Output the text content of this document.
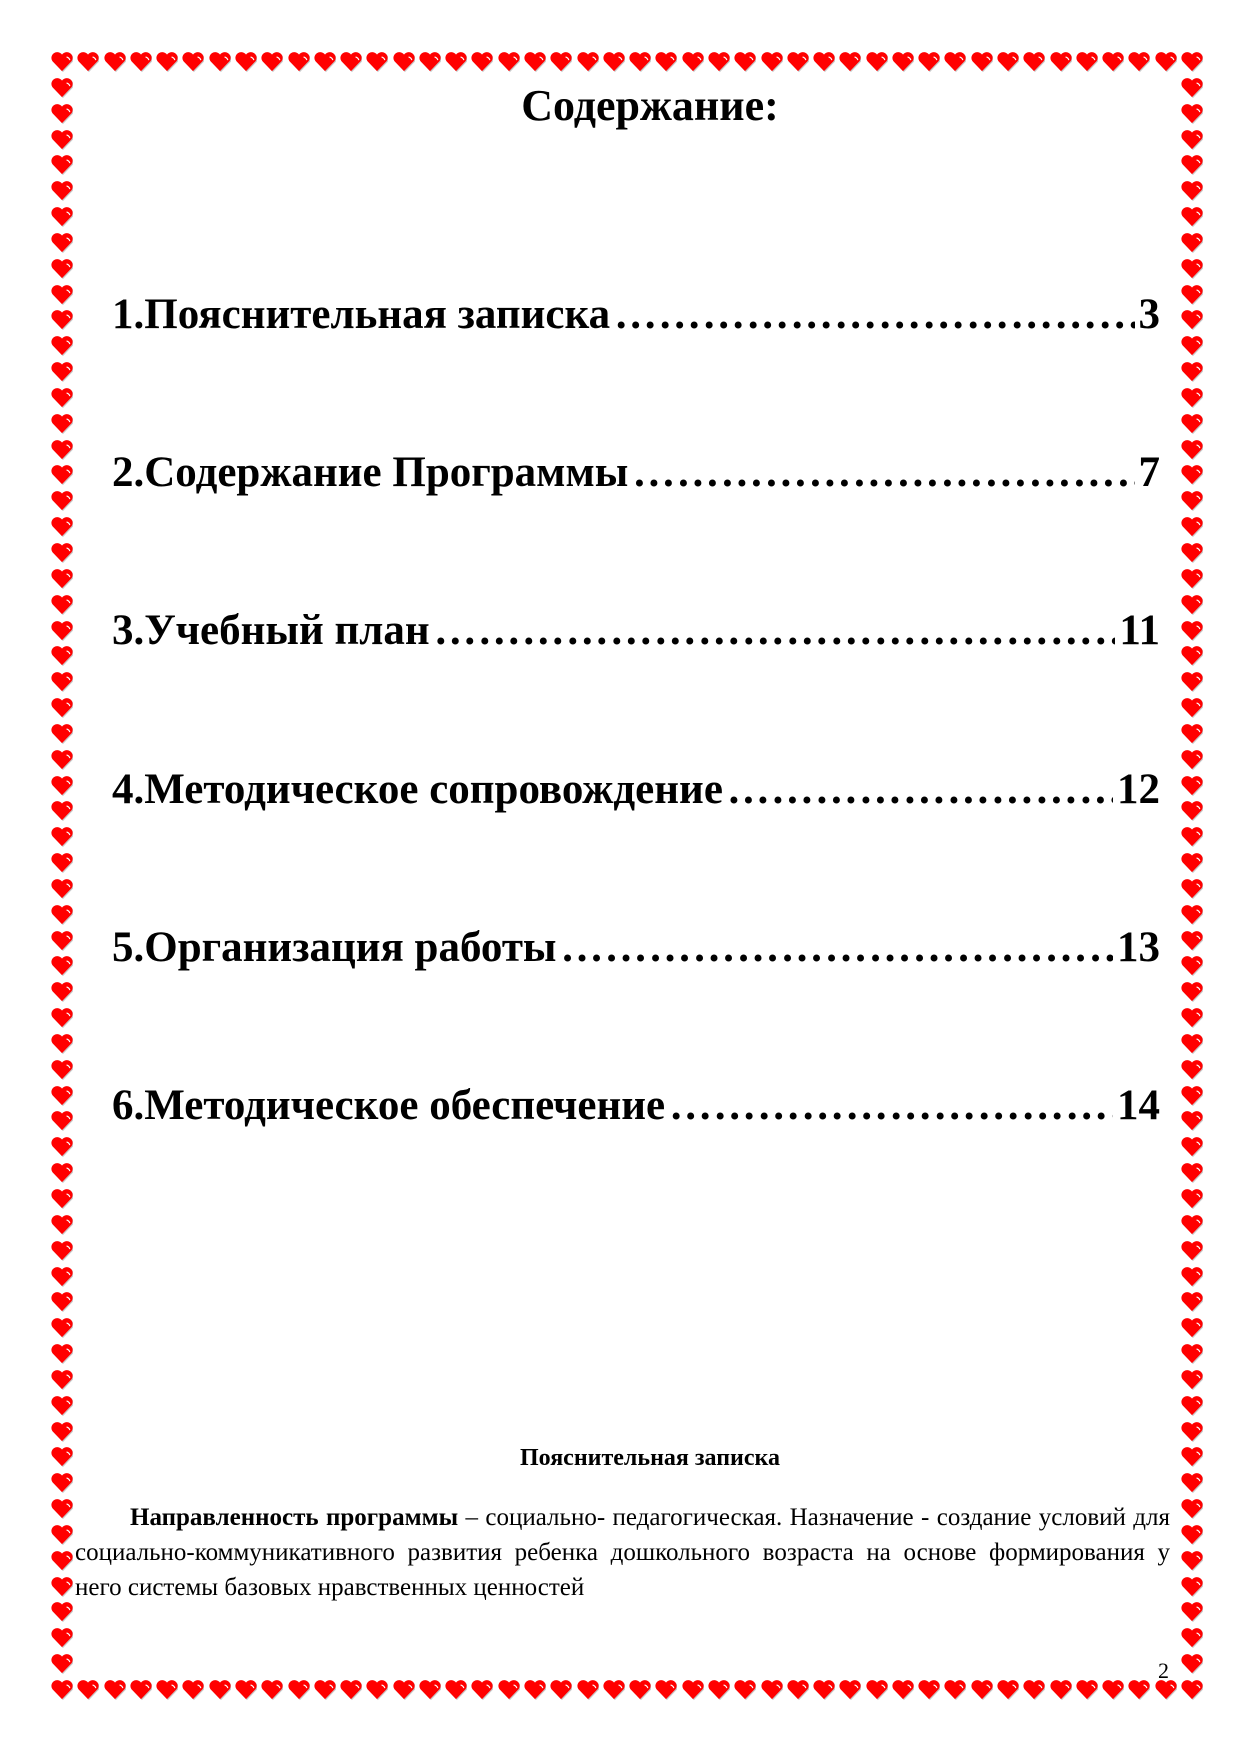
Содержание:
1.Пояснительная записка ……………………………………………………………………………………………………………………	3
2.Содержание Программы ……………………………………………………………………………………………………………………	7
3.Учебный план ……………………………………………………………………………………………………………………	11
4.Методическое сопровождение ……………………………………………………………………………………………………………………	12
5.Организация работы ……………………………………………………………………………………………………………………	13
6.Методическое обеспечение ……………………………………………………………………………………………………………………	14
Пояснительная записка
Направленность программы – социально- педагогическая. Назначение - создание условий для социально-коммуникативного развития ребенка дошкольного возраста на основе формирования у него системы базовых нравственных ценностей
2
